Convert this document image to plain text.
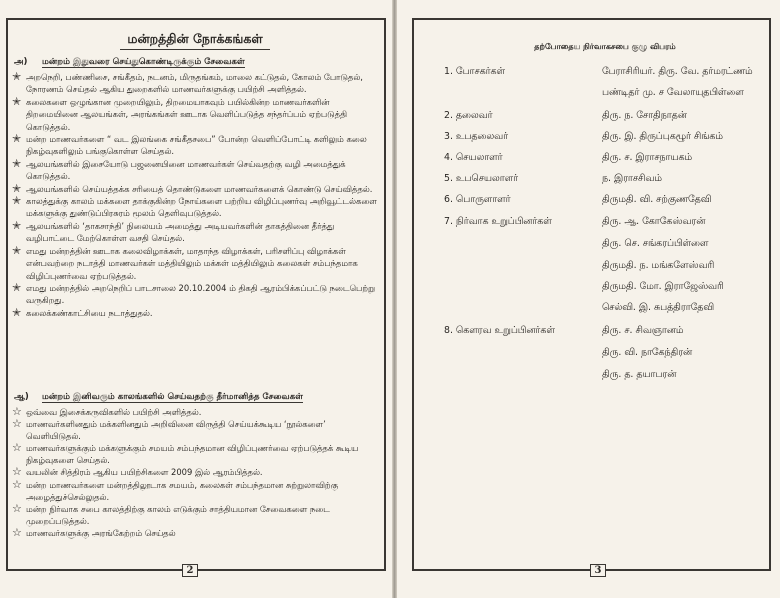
மன்றத்தின் நோக்கங்கள்
அ) மன்றம் இதுவரை செய்துகொண்டிருக்கும் சேவைகள்
✭ அறநெறி, பண்ணிசை, சங்கீதம், நடனம், மிருதங்கம், மாலை கட்டுதல், கோலம் போடுதல், நோரணம் செய்தல் ஆகிய துறைகளில் மாணவர்களுக்கு பயிற்சி அளித்தல்.
✭ கலைகளை ஒழுங்கான முறையிலும், திறமையாகவும் பயில்கின்ற மாணவர்களின் திறமையினை ஆலயங்கள், அரங்கங்கள் ஊடாக வெளிப்படுத்த சந்தர்ப்பம் ஏற்படுத்தி கொடுத்தல்.
✭ மன்ற மாணவர்களை “ வட இலங்கை சங்கீதசபை” போன்ற வெளிப்போட்டி களிலும் கலை நிகழ்வுகளிலும் பங்குகொள்ள செய்தல்.
✭ ஆலயங்களில் இசையோடு பஜனையினை மாணவர்கள் செய்வதற்கு வழி அமைத்துக் கொடுத்தல்.
✭ ஆலயங்களில் செய்யத்தக்க சரியைத் தொண்டுகளை மாணவர்களைக் கொண்டு செய்வித்தல்.
✭ காலத்துக்கு காலம் மக்களை தாக்குகின்ற நோய்களை பற்றிய விழிப்புணர்வு அறிவூட்டல்களை மக்களுக்கு துண்டுப்பிரசுரம் மூலம் தெளிவுபடுத்தல்.
✭ ஆலயங்களில் ‘தாகசாந்தி’ நிலையம் அமைத்து அடியவர்களின் தாகத்தினை தீர்த்து வழிபாட்டை மேற்கொள்ள வசதி செய்தல்.
✭ எமது மன்றத்தின் ஊடாக கலைவிழாக்கள், மாதாந்த விழாக்கள், பரிசளிப்பு விழாக்கள் என்பவற்றை நடாத்தி மாணவர்கள் மத்தியிலும் மக்கள் மத்தியிலும் கலைகள் சம்பந்தமாக விழிப்புணர்வை ஏற்படுத்தல்.
✭ எமது மன்றத்தில் அறநெறிப் பாடசாலை 20.10.2004 ம் திகதி ஆரம்பிக்கப்பட்டு நடைபெற்று வருகிறது.
✭ கலைக்கண்காட்சியை நடாத்துதல்.
ஆ) மன்றம் இனிவரும் காலங்களில் செய்வதற்கு தீர்மானித்த சேவைகள்
☆ ஒவ்வை இசைக்கருவிகளில் பயிற்சி அளித்தல்.
☆ மாணவர்களினதும் மக்களினதும் அறிவினை விருத்தி செய்யக்கூடிய ‘நூல்களை’ வெளியிடுதல்.
☆ மாணவர்களுக்கும் மக்களுக்கும் சமயம் சம்பந்தமான விழிப்புணர்வை ஏற்படுத்தக் கூடிய நிகழ்வுகளை செய்தல்.
☆ வயலின் சித்திரம் ஆகிய பயிற்சிகளை 2009 இல் ஆரம்பித்தல்.
☆ மன்ற மாணவர்களை மன்றத்திலூடாக சமயம், கலைகள் சம்பந்தமான சுற்றுலாவிற்கு அழைத்துச்செல்லுதல்.
☆ மன்ற நிர்வாக சபை காலத்திற்கு காலம் எடுக்கும் சாத்தியமான சேவைகளை நடை முறைப்படுத்தல்.
☆ மாணவர்களுக்கு அரங்கேற்றம் செய்தல்
2
தற்போதைய நிர்வாகசபை குழு விபரம்
1. போசகர்கள்	பேராசிரியர். திரு. வே. தர்மரட்ணம்
பண்டிதர் மு. ச வேலாயுதபிள்ளை
2. தலைவர்	திரு. ந. சோதிநாதன்
3. உபதலைவர்	திரு. இ. திருப்புகழூர் சிங்கம்
4. செயலாளர்	திரு. ச. இராசநாயகம்
5. உபசெயலாளர்	ந. இராசசிவம்
6. பொருளாளர்	திருமதி. வி. சற்குணதேவி
7. நிர்வாக உறுப்பினர்கள்	திரு. ஆ. கோகேஸ்வரன்
திரு. செ. சங்கரப்பிள்ளை
திருமதி. ந. மங்களேஸ்வரி
திருமதி. மோ. இராஜேஸ்வரி
செல்வி. இ. சுபத்திராதேவி
8. கௌரவ உறுப்பினர்கள்	திரு. ச. சிவஞானம்
திரு. வி. நாகேந்திரன்
திரு. த. தயாபரன்
3
